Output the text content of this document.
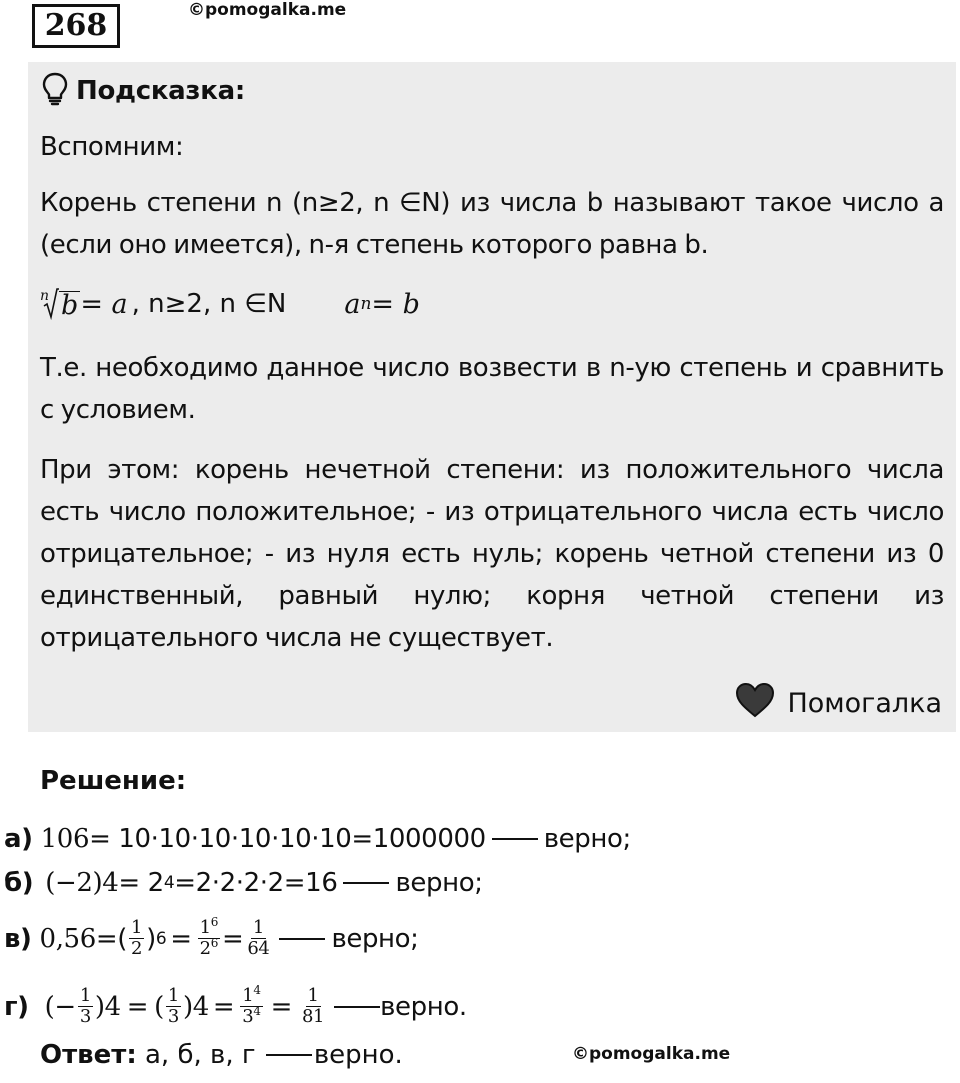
268	©pomogalka.me
Подсказка:
Вспомним:
Корень степени n (n≥2, n ∈N) из числа b называют такое число a (если оно имеется), n-я степень которого равна b.
n b = a , n≥2, n ∈N a n = b
Т.е. необходимо данное число возвести в n-ую степень и сравнить с условием.
При этом: корень нечетной степени: из положительного числа есть число положительное; - из отрицательного числа есть число отрицательное; - из нуля есть нуль; корень четной степени из 0 единственный, равный нулю; корня четной степени из отрицательного числа не существует.
Помогалка
Решение:
а) 10 6 = 10·10·10·10·10·10=1000000 верно;
б) (−2) 4 = 2 4 =2·2·2·2=16 верно;
в) 0,5 6 =( $\frac{1}{2}$ ) $6 = \frac{1^6}{2^6} = \frac{1}{64}$ верно;
г) (− $\frac{1}{3}$ ) 4 = ( $\frac{1}{3}$ ) $4 = \frac{1^4}{3^4} = \frac{1}{81}$ верно.
Ответ: а, б, в, г верно.	©pomogalka.me
